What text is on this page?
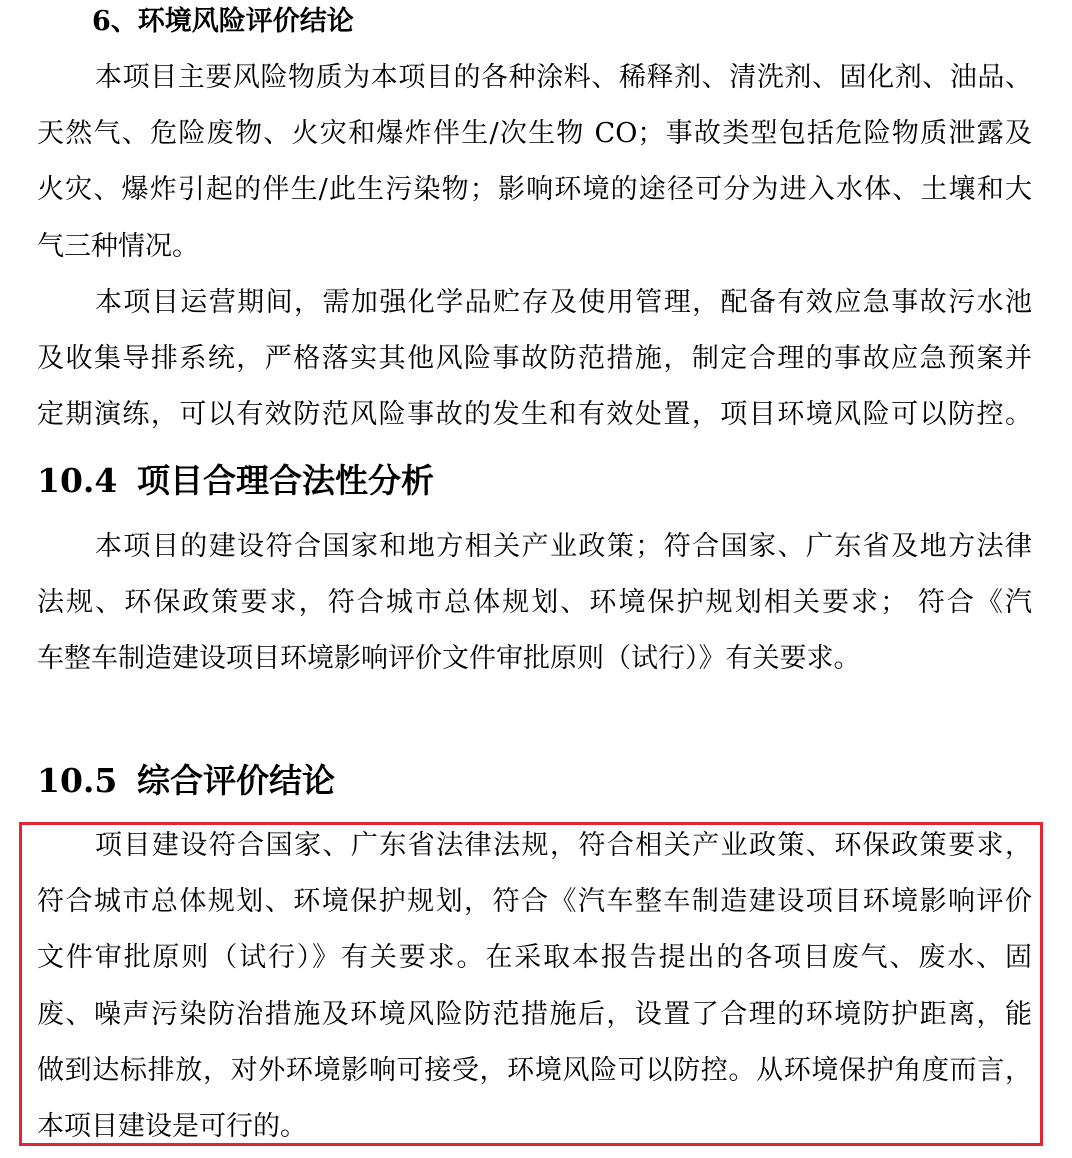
6、环境风险评价结论
本项目主要风险物质为本项目的各种涂料、稀释剂、清洗剂、固化剂、油品、
天然气、危险废物、火灾和爆炸伴生/次生物 CO；事故类型包括危险物质泄露及
火灾、爆炸引起的伴生/此生污染物；影响环境的途径可分为进入水体、土壤和大
气三种情况。
本项目运营期间，需加强化学品贮存及使用管理，配备有效应急事故污水池
及收集导排系统，严格落实其他风险事故防范措施，制定合理的事故应急预案并
定期演练，可以有效防范风险事故的发生和有效处置，项目环境风险可以防控。
10.4 项目合理合法性分析
本项目的建设符合国家和地方相关产业政策；符合国家、广东省及地方法律
法规、环保政策要求，符合城市总体规划、环境保护规划相关要求； 符合《汽
车整车制造建设项目环境影响评价文件审批原则（试行）》有关要求。
10.5 综合评价结论
项目建设符合国家、广东省法律法规，符合相关产业政策、环保政策要求，
符合城市总体规划、环境保护规划，符合《汽车整车制造建设项目环境影响评价
文件审批原则（试行）》有关要求。在采取本报告提出的各项目废气、废水、固
废、噪声污染防治措施及环境风险防范措施后，设置了合理的环境防护距离，能
做到达标排放，对外环境影响可接受，环境风险可以防控。从环境保护角度而言，
本项目建设是可行的。
